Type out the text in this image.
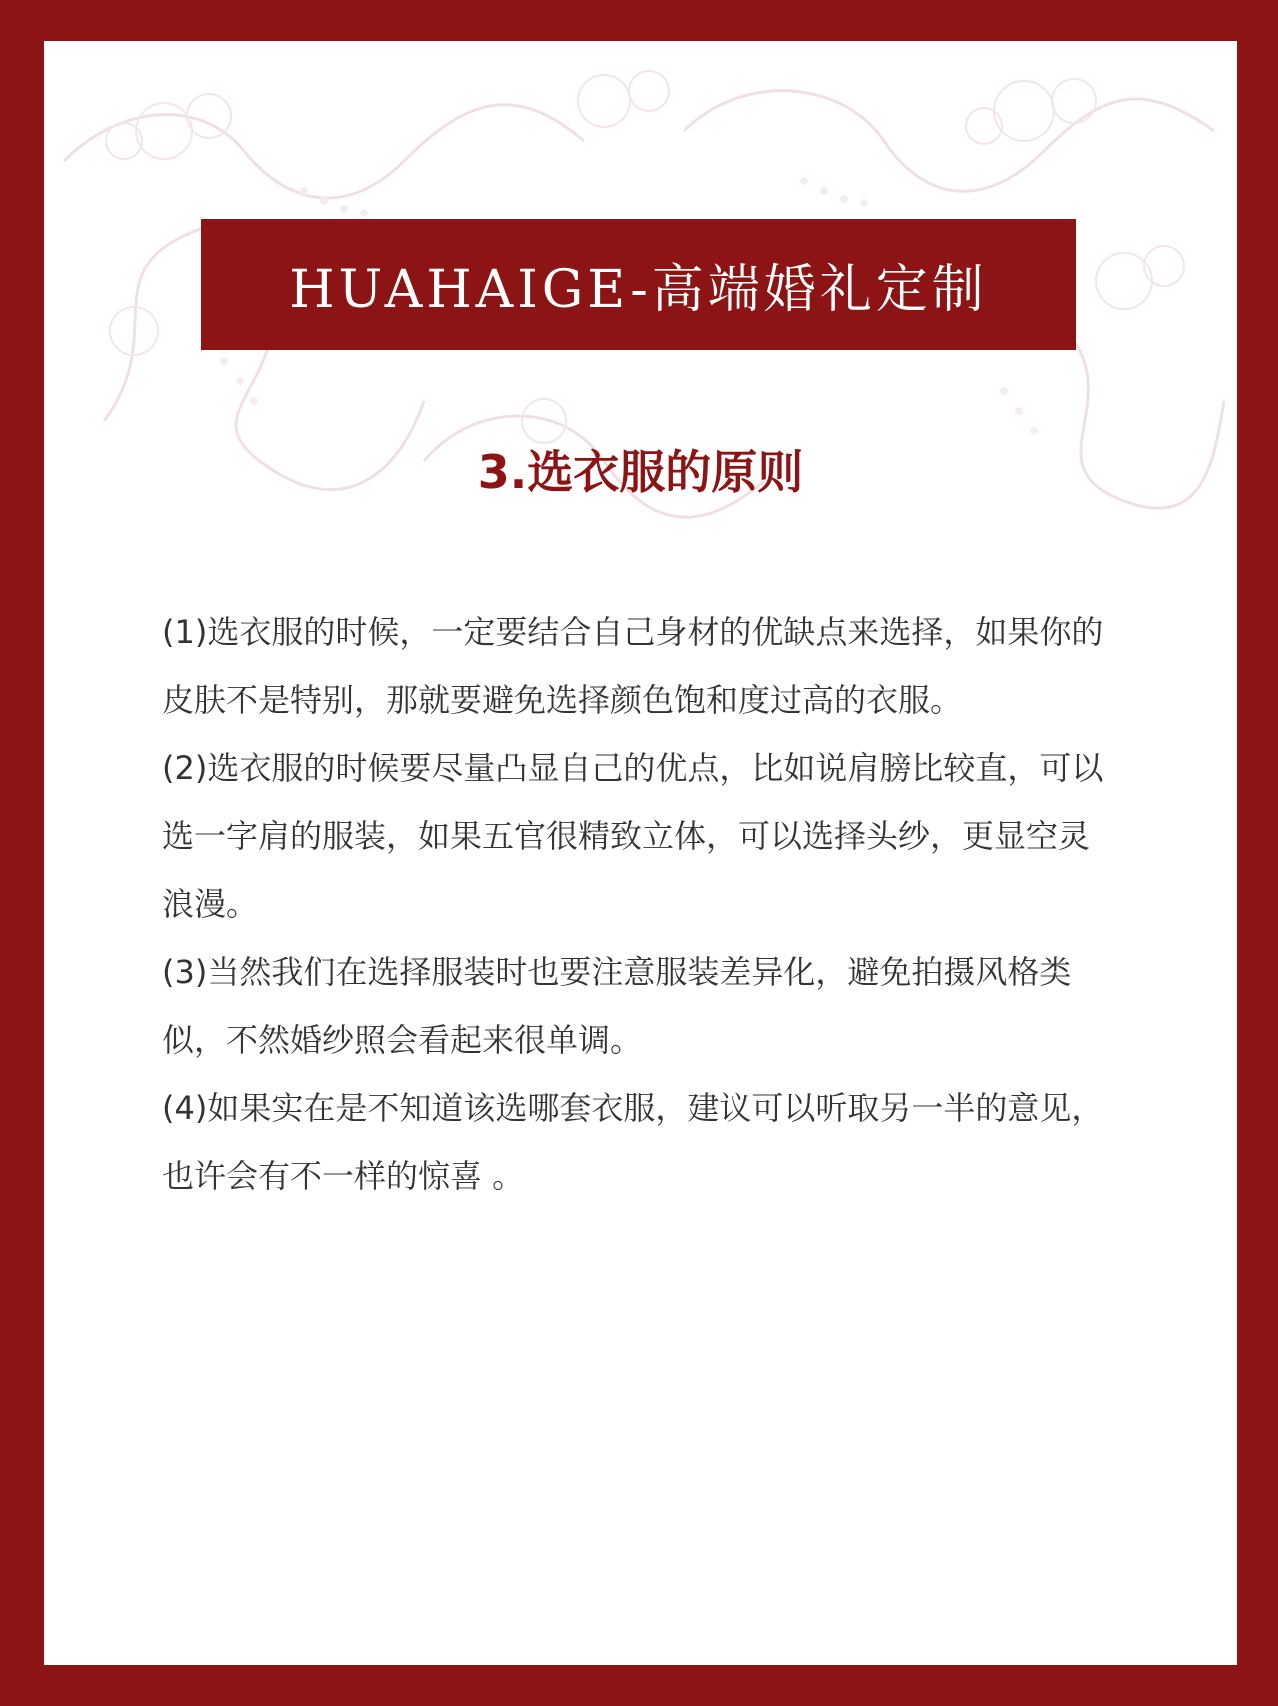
HUAHAIGE-高端婚礼定制
3.选衣服的原则

(1)选衣服的时候，一定要结合自己身材的优缺点来选择，如果你的皮肤不是特别，那就要避免选择颜色饱和度过高的衣服。

(2)选衣服的时候要尽量凸显自己的优点，比如说肩膀比较直，可以选一字肩的服装，如果五官很精致立体，可以选择头纱，更显空灵浪漫。

(3)当然我们在选择服装时也要注意服装差异化，避免拍摄风格类似，不然婚纱照会看起来很单调。

(4)如果实在是不知道该选哪套衣服，建议可以听取另一半的意见，也许会有不一样的惊喜 。
